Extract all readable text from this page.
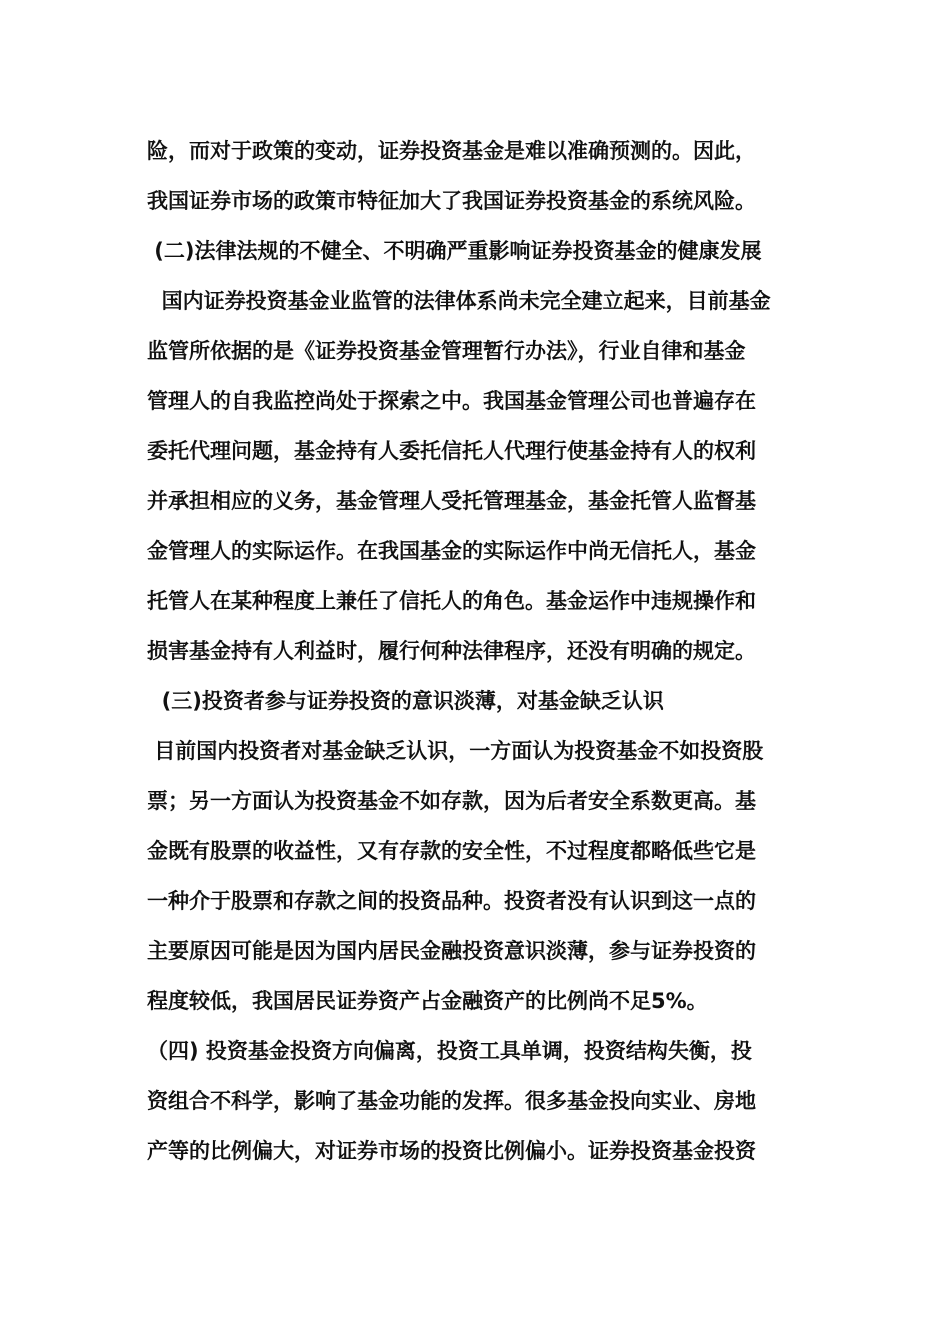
险，而对于政策的变动，证券投资基金是难以准确预测的。因此，
我国证券市场的政策市特征加大了我国证券投资基金的系统风险。
(二)法律法规的不健全、不明确严重影响证券投资基金的健康发展
国内证券投资基金业监管的法律体系尚未完全建立起来，目前基金
监管所依据的是《证券投资基金管理暂行办法》，行业自律和基金
管理人的自我监控尚处于探索之中。我国基金管理公司也普遍存在
委托代理问题，基金持有人委托信托人代理行使基金持有人的权利
并承担相应的义务，基金管理人受托管理基金，基金托管人监督基
金管理人的实际运作。在我国基金的实际运作中尚无信托人，基金
托管人在某种程度上兼任了信托人的角色。基金运作中违规操作和
损害基金持有人利益时，履行何种法律程序，还没有明确的规定。
(三)投资者参与证券投资的意识淡薄，对基金缺乏认识
目前国内投资者对基金缺乏认识，一方面认为投资基金不如投资股
票；另一方面认为投资基金不如存款，因为后者安全系数更高。基
金既有股票的收益性，又有存款的安全性，不过程度都略低些它是
一种介于股票和存款之间的投资品种。投资者没有认识到这一点的
主要原因可能是因为国内居民金融投资意识淡薄，参与证券投资的
程度较低，我国居民证券资产占金融资产的比例尚不足5%。
（四) 投资基金投资方向偏离，投资工具单调，投资结构失衡，投
资组合不科学，影响了基金功能的发挥。很多基金投向实业、房地
产等的比例偏大，对证券市场的投资比例偏小。证券投资基金投资
